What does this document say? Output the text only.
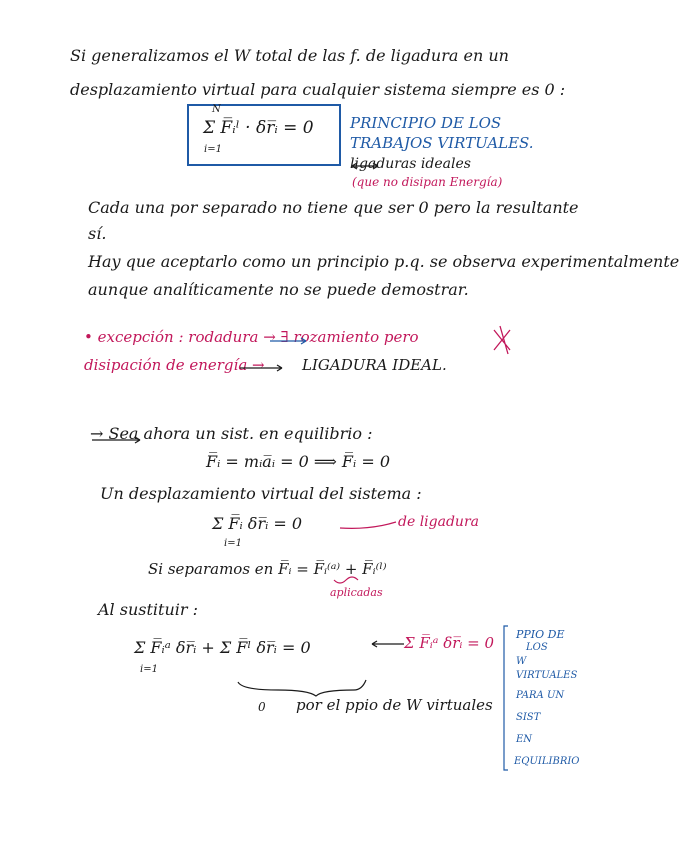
Si generalizamos el W total de las f. de ligadura en un
desplazamiento virtual para cualquier sistema siempre es 0 :
Σ F̅ᵢˡ · δr̅ᵢ = 0
i=1
N
PRINCIPIO DE LOS
TRABAJOS VIRTUALES.
ligaduras ideales
(que no disipan Energía)
Cada una por separado no tiene que ser 0 pero la resultante
sí.
Hay que aceptarlo como un principio p.q. se observa experimentalmente
aunque analíticamente no se puede demostrar.
• excepción : rodadura → ∃ rozamiento pero
disipación de energía → LIGADURA IDEAL.
→ Sea ahora un sist. en equilibrio :
F̅ᵢ = mᵢa̅ᵢ = 0 ⟹ F̅ᵢ = 0
Un desplazamiento virtual del sistema :
Σ F̅ᵢ δr̅ᵢ = 0
i=1
de ligadura
Si separamos en F̅ᵢ = F̅ᵢ⁽ᵃ⁾ + F̅ᵢ⁽ˡ⁾
aplicadas
Al sustituir :
Σ F̅ᵢᵃ δr̅ᵢ + Σ F̅ˡ δr̅ᵢ = 0
i=1
Σ F̅ᵢᵃ δr̅ᵢ = 0
0 por el ppio de W virtuales
PPIO DE
LOS
W
VIRTUALES
PARA UN
SIST
EN
EQUILIBRIO
